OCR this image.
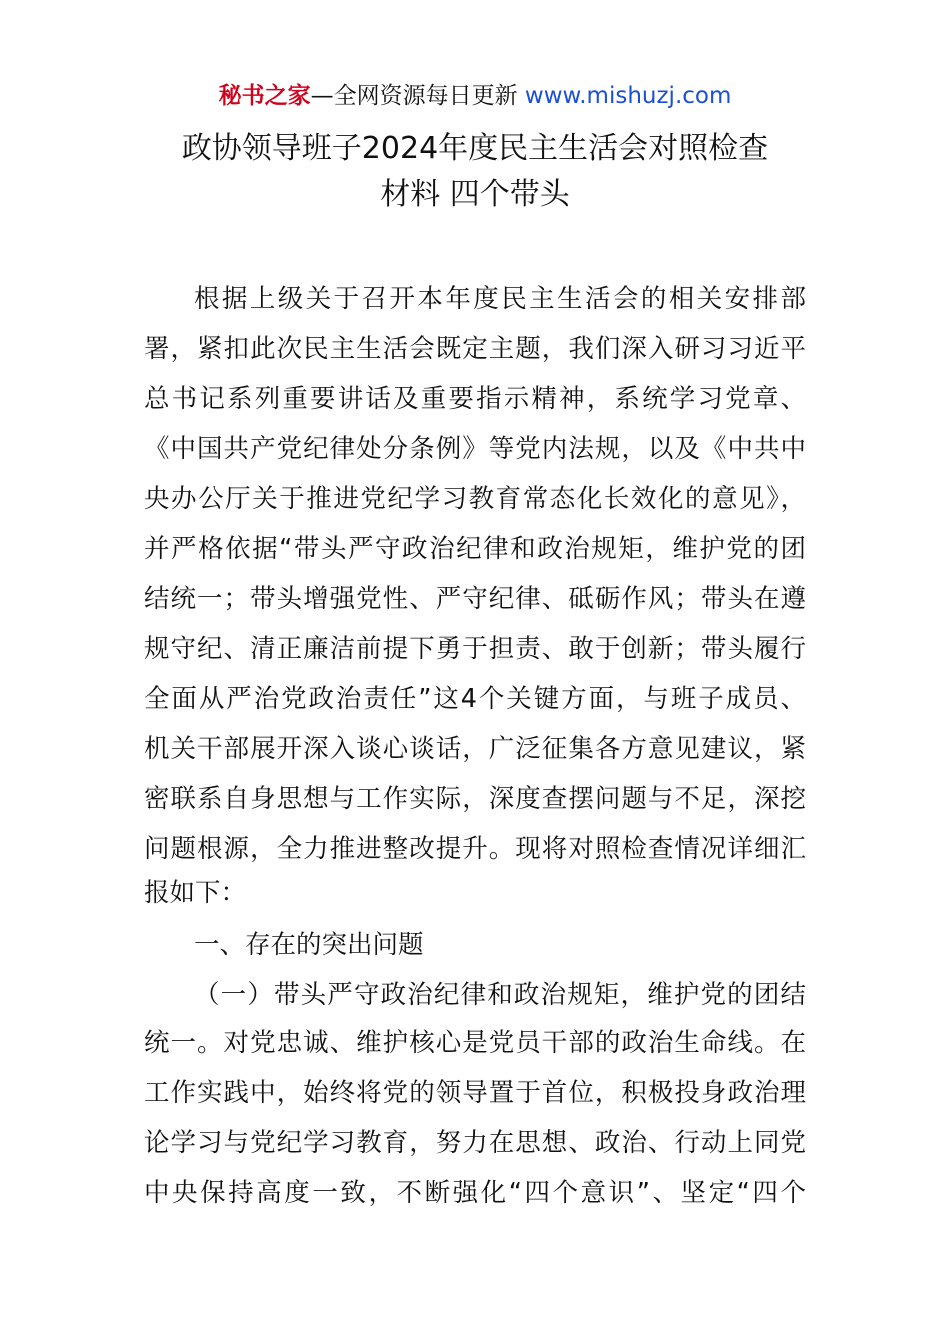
秘书之家—全网资源每日更新 www.mishuzj.com
政协领导班子2024年度民主生活会对照检查
材料 四个带头
根据上级关于召开本年度民主生活会的相关安排部
署，紧扣此次民主生活会既定主题，我们深入研习习近平
总书记系列重要讲话及重要指示精神，系统学习党章、
《中国共产党纪律处分条例》等党内法规，以及《中共中
央办公厅关于推进党纪学习教育常态化长效化的意见》，
并严格依据“带头严守政治纪律和政治规矩，维护党的团
结统一；带头增强党性、严守纪律、砥砺作风；带头在遵
规守纪、清正廉洁前提下勇于担责、敢于创新；带头履行
全面从严治党政治责任”这4个关键方面，与班子成员、
机关干部展开深入谈心谈话，广泛征集各方意见建议，紧
密联系自身思想与工作实际，深度查摆问题与不足，深挖
问题根源，全力推进整改提升。现将对照检查情况详细汇
报如下：
一、存在的突出问题
（一）带头严守政治纪律和政治规矩，维护党的团结
统一。对党忠诚、维护核心是党员干部的政治生命线。在
工作实践中，始终将党的领导置于首位，积极投身政治理
论学习与党纪学习教育，努力在思想、政治、行动上同党
中央保持高度一致，不断强化“四个意识”、坚定“四个
